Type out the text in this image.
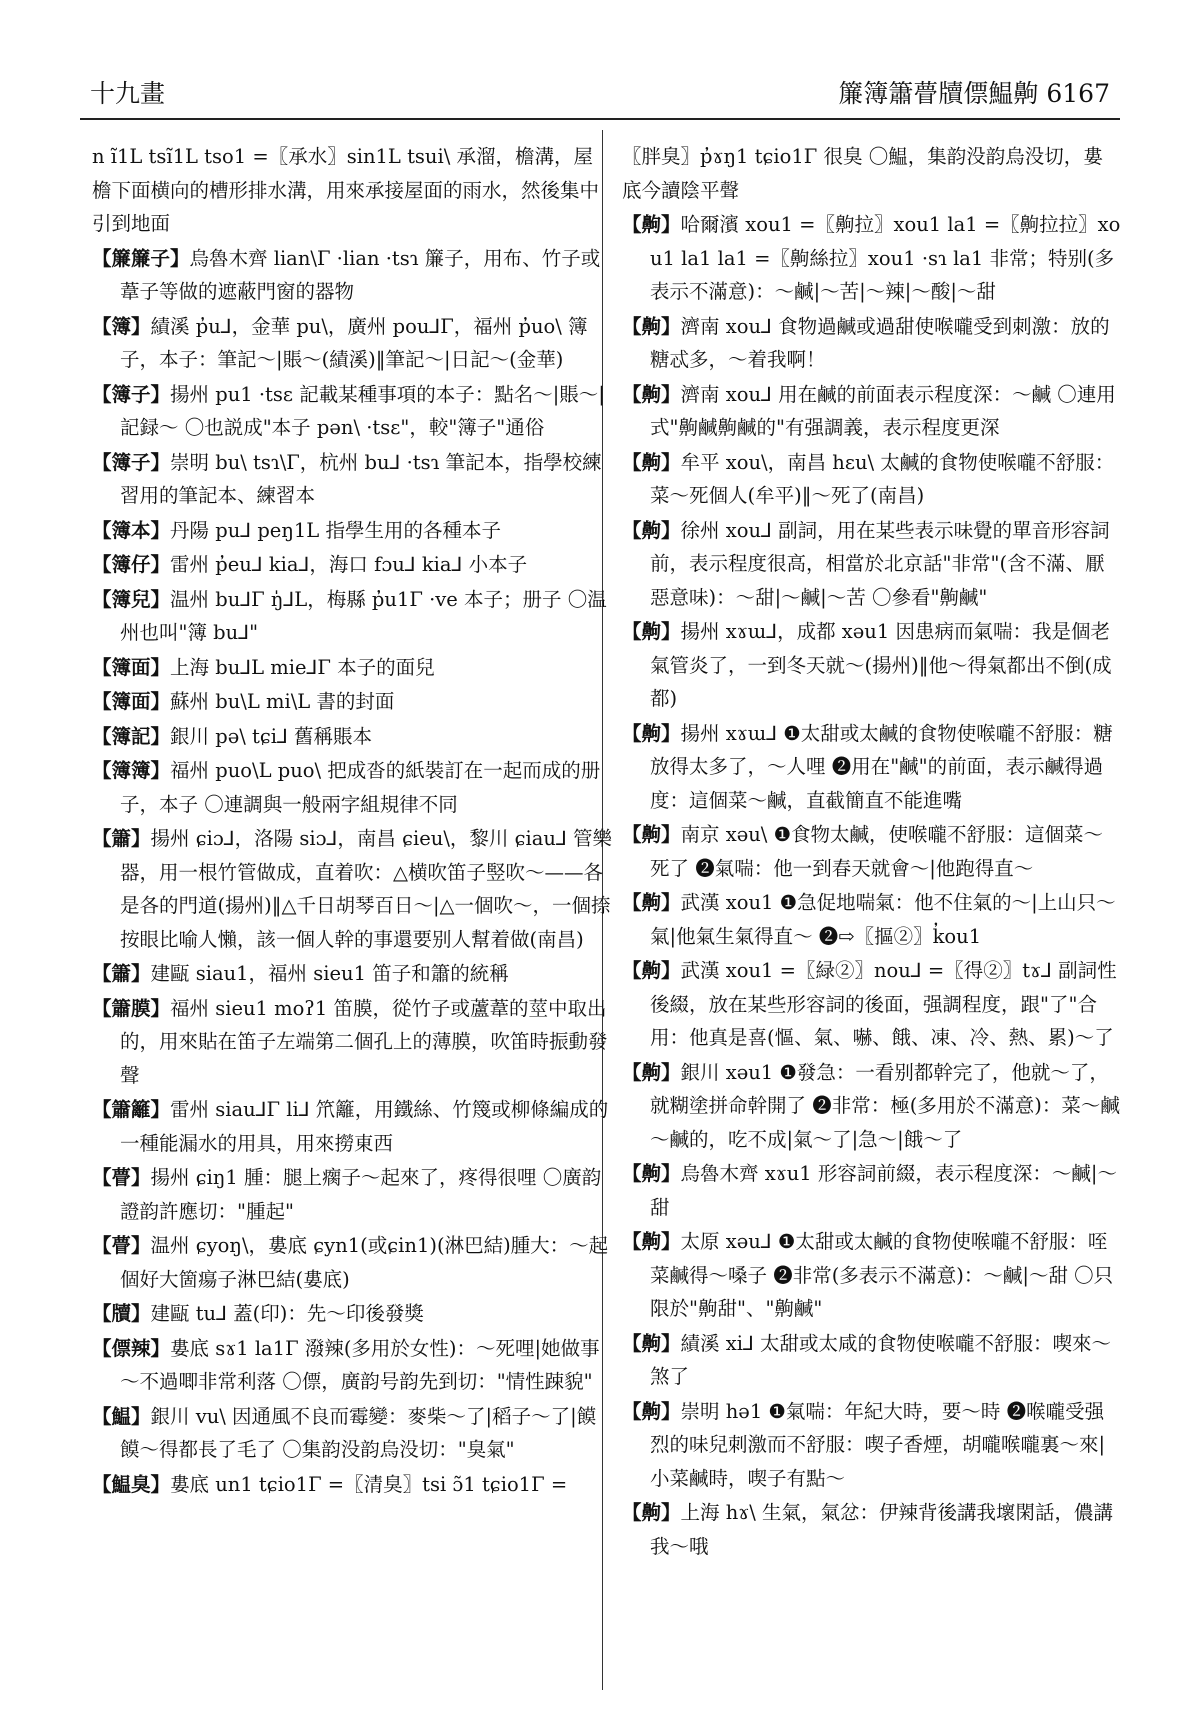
十九畫	簾簿簫瞢牘僄鰛齁 6167

n ĩ1L tsĩ1L tso1 =〖承水〗sin1L tsui\ 承溜，檐溝，屋檐下面横向的槽形排水溝，用來承接屋面的雨水，然後集中引到地面

【簾簾子】烏魯木齊 lian\Γ ·lian ·tsɿ 簾子，用布、竹子或葦子等做的遮蔽門窗的器物

【簿】績溪 p̓u⅃，金華 pu\，廣州 pou⅃Γ，福州 p̓uo\ 簿子，本子：筆記～|賬～(績溪)‖筆記～|日記～(金華)

【簿子】揚州 pu1 ·tsɛ 記載某種事項的本子：點名～|賬～|記録～ 〇也説成"本子 pən\ ·tsɛ"，較"簿子"通俗

【簿子】崇明 bu\ tsɿ\Γ，杭州 bu⅃ ·tsɿ 筆記本，指學校練習用的筆記本、練習本

【簿本】丹陽 pu⅃ peŋ1L 指學生用的各種本子

【簿仔】雷州 p̓eu⅃ kia⅃，海口 fɔu⅃ kia⅃ 小本子

【簿兒】温州 bu⅃Γ ŋ̍⅃L，梅縣 p̓u1Γ ·ve 本子；册子 〇温州也叫"簿 bu⅃"

【簿面】上海 bu⅃L mie⅃Γ 本子的面兒

【簿面】蘇州 bu\L mi\L 書的封面

【簿記】銀川 pə\ tɕi⅃ 舊稱賬本

【簿簿】福州 puo\L puo\ 把成沓的紙裝訂在一起而成的册子，本子 〇連調與一般兩字組規律不同

【簫】揚州 ɕiɔ⅃，洛陽 siɔ⅃，南昌 ɕieu\，黎川 ɕiau⅃ 管樂器，用一根竹管做成，直着吹：△横吹笛子竪吹～——各是各的門道(揚州)‖△千日胡琴百日～|△一個吹～，一個捺按眼比喻人懶，該一個人幹的事還要别人幫着做(南昌)

【簫】建甌 siau1，福州 sieu1 笛子和簫的統稱

【簫膜】福州 sieu1 moʔ1 笛膜，從竹子或蘆葦的莖中取出的，用來貼在笛子左端第二個孔上的薄膜，吹笛時振動發聲

【簫籬】雷州 siau⅃Γ li⅃ 笊籬，用鐵絲、竹篾或柳條編成的一種能漏水的用具，用來撈東西

【瞢】揚州 ɕiŋ1 腫：腿上瘸子～起來了，疼得很哩 〇廣韵證韵許應切："腫起"

【瞢】温州 ɕyoŋ\，婁底 ɕyn1(或ɕin1)(淋巴結)腫大：～起個好大箇瘍子淋巴結(婁底)

【牘】建甌 tu⅃ 蓋(印)：先～印後發獎

【僄辣】婁底 sɤ1 la1Γ 潑辣(多用於女性)：～死哩|她做事～不過唧非常利落 〇僄，廣韵号韵先到切："情性踈貌"

【鰛】銀川 vu\ 因通風不良而霉變：麥柴～了|稻子～了|饃饃～得都長了毛了 〇集韵没韵烏没切："臭氣"

【鰛臭】婁底 un1 tɕio1Γ =〖清臭〗tsi ɔ̃1 tɕio1Γ =

〖胖臭〗p̓ɤŋ1 tɕio1Γ 很臭 〇鰛，集韵没韵烏没切，婁底今讀陰平聲

【齁】哈爾濱 xou1 =〖齁拉〗xou1 la1 =〖齁拉拉〗xou1 la1 la1 =〖齁絲拉〗xou1 ·sɿ la1 非常；特别(多表示不滿意)：～鹹|～苦|～辣|～酸|～甜

【齁】濟南 xou⅃ 食物過鹹或過甜使喉嚨受到刺激：放的糖忒多，～着我啊！

【齁】濟南 xou⅃ 用在鹹的前面表示程度深：～鹹 〇連用式"齁鹹齁鹹的"有强調義，表示程度更深

【齁】牟平 xou\，南昌 hɛu\ 太鹹的食物使喉嚨不舒服：菜～死個人(牟平)‖～死了(南昌)

【齁】徐州 xou⅃ 副詞，用在某些表示味覺的單音形容詞前，表示程度很高，相當於北京話"非常"(含不滿、厭惡意味)：～甜|～鹹|～苦 〇參看"齁鹹"

【齁】揚州 xɤɯ⅃，成都 xəu1 因患病而氣喘：我是個老氣管炎了，一到冬天就～(揚州)‖他～得氣都出不倒(成都)

【齁】揚州 xɤɯ⅃ ❶太甜或太鹹的食物使喉嚨不舒服：糖放得太多了，～人哩 ❷用在"鹹"的前面，表示鹹得過度：這個菜～鹹，直截簡直不能進嘴

【齁】南京 xəu\ ❶食物太鹹，使喉嚨不舒服：這個菜～死了 ❷氣喘：他一到春天就會～|他跑得直～

【齁】武漢 xou1 ❶急促地喘氣：他不住氣的～|上山只～氣|他氣生氣得直～ ❷⇨〖摳②〗k̓ou1

【齁】武漢 xou1 =〖緑②〗nou⅃ =〖得②〗tɤ⅃ 副詞性後綴，放在某些形容詞的後面，强調程度，跟"了"合用：他真是喜(慪、氣、嚇、餓、凍、冷、熱、累)～了

【齁】銀川 xəu1 ❶發急：一看别都幹完了，他就～了，就糊塗拼命幹開了 ❷非常：極(多用於不滿意)：菜～鹹～鹹的，吃不成|氣～了|急～|餓～了

【齁】烏魯木齊 xɤu1 形容詞前綴，表示程度深：～鹹|～甜

【齁】太原 xəu⅃ ❶太甜或太鹹的食物使喉嚨不舒服：咥菜鹹得～嗓子 ❷非常(多表示不滿意)：～鹹|～甜 〇只限於"齁甜"、"齁鹹"

【齁】績溪 xi⅃ 太甜或太咸的食物使喉嚨不舒服：喫來～煞了

【齁】崇明 hə1 ❶氣喘：年紀大時，要～時 ❷喉嚨受强烈的味兒刺激而不舒服：喫子香煙，胡嚨喉嚨裏～來|小菜鹹時，喫子有點～

【齁】上海 hɤ\ 生氣，氣忿：伊辣背後講我壞閑話，儂講我～哦
